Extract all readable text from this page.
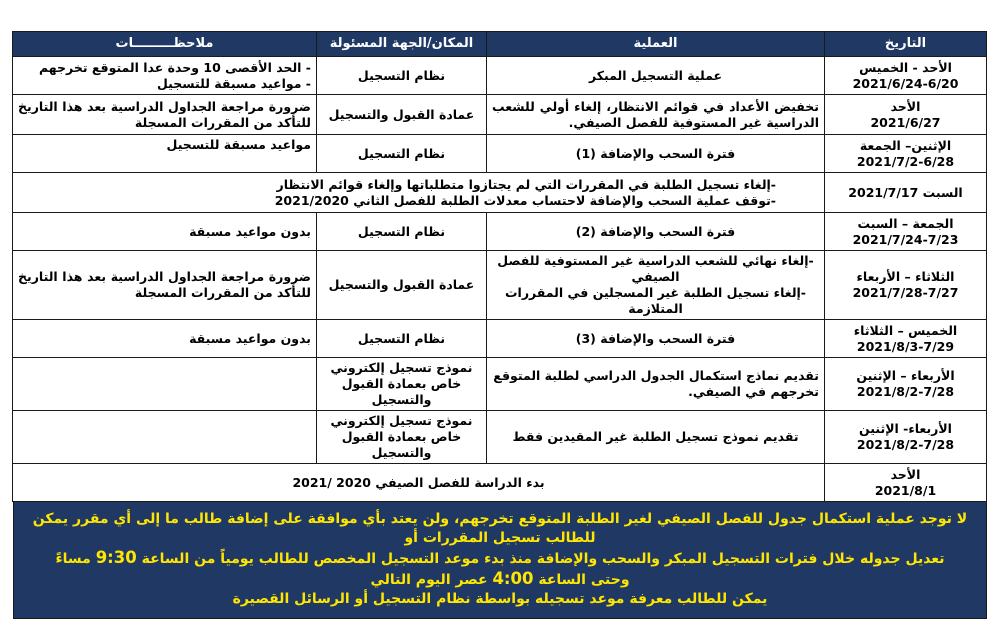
التاريخ	العملية	المكان/الجهة المسئولة	ملاحظـــــــــات

الأحد - الخميس
2021/6/24-6/20	عملية التسجيل المبكر	نظام التسجيل	- الحد الأقصى 10 وحدة عدا المتوقع تخرجهم
- مواعيد مسبقة للتسجيل

الأحد
2021/6/27	تخفيض الأعداد في قوائم الانتظار، إلغاء أولي للشعب الدراسية غير المستوفية للفصل الصيفي.	عمادة القبول والتسجيل	ضرورة مراجعة الجداول الدراسية بعد هذا التاريخ للتأكد من المقررات المسجلة

الإثنين– الجمعة
2021/7/2-6/28	فترة السحب والإضافة (1)	نظام التسجيل	مواعيد مسبقة للتسجيل
السبت 2021/7/17	-إلغاء تسجيل الطلبة في المقررات التي لم يجتازوا متطلباتها وإلغاء قوائم الانتظار
-توقف عملية السحب والإضافة لاحتساب معدلات الطلبة للفصل الثاني 2021/2020		

الجمعة – السبت
2021/7/24-7/23	فترة السحب والإضافة (2)	نظام التسجيل	بدون مواعيد مسبقة

الثلاثاء – الأربعاء
2021/7/28-7/27	-إلغاء نهائي للشعب الدراسية غير المستوفية للفصل الصيفي
-إلغاء تسجيل الطلبة غير المسجلين في المقررات المتلازمة	عمادة القبول والتسجيل	ضرورة مراجعة الجداول الدراسية بعد هذا التاريخ للتأكد من المقررات المسجلة

الخميس – الثلاثاء
2021/8/3-7/29	فترة السحب والإضافة (3)	نظام التسجيل	بدون مواعيد مسبقة

الأربعاء – الإثنين
2021/8/2-7/28	تقديم نماذج استكمال الجدول الدراسي لطلبة المتوقع تخرجهم في الصيفي.	نموذج تسجيل إلكتروني خاص بعمادة القبول والتسجيل	

الأربعاء- الإثنين
2021/8/2-7/28	تقديم نموذج تسجيل الطلبة غير المقيدين فقط	نموذج تسجيل إلكتروني خاص بعمادة القبول والتسجيل	

الأحد
2021/8/1	بدء الدراسة للفصل الصيفي 2020 /2021		
لا توجد عملية استكمال جدول للفصل الصيفي لغير الطلبة المتوقع تخرجهم، ولن يعتد بأي موافقة على إضافة طالب ما إلى أي مقرر يمكن للطالب تسجيل المقررات أو
تعديل جدوله خلال فترات التسجيل المبكر والسحب والإضافة منذ بدء موعد التسجيل المخصص للطالب يومياً من الساعة 9:30 مساءً
وحتى الساعة 4:00 عصر اليوم التالي
يمكن للطالب معرفة موعد تسجيله بواسطة نظام التسجيل أو الرسائل القصيرة
